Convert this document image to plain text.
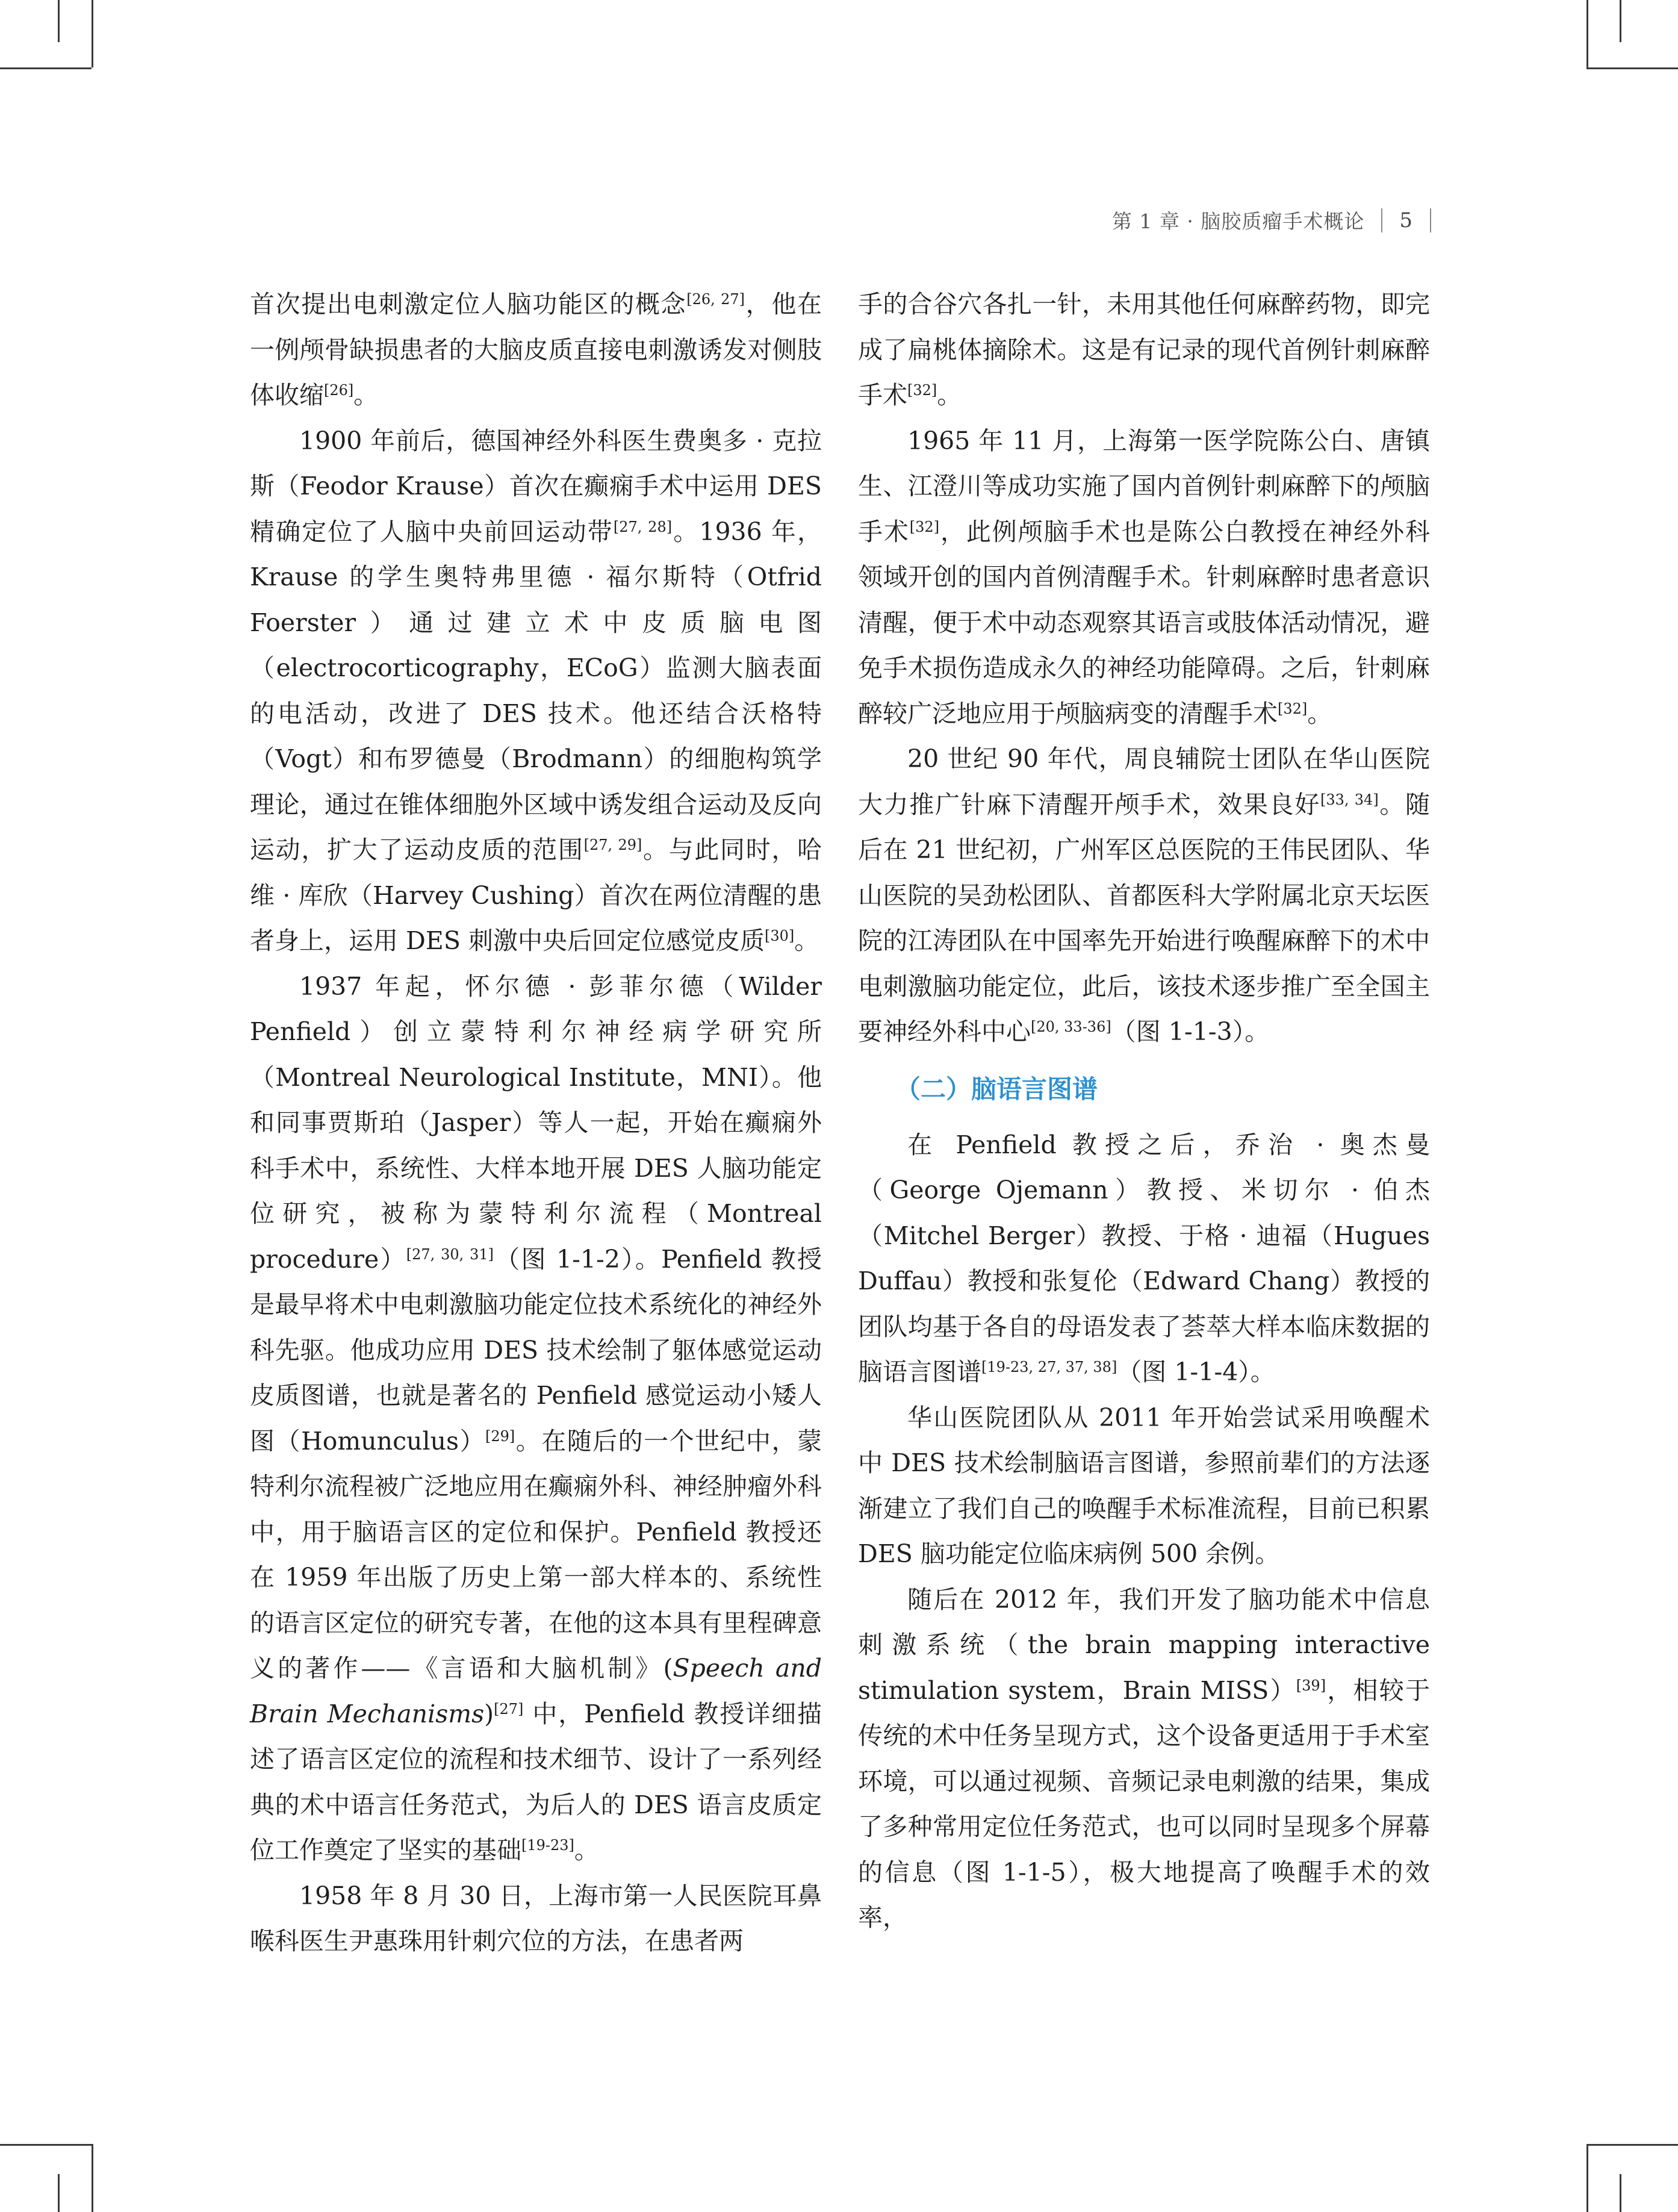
第 1 章 · 脑胶质瘤手术概论 5

首次提出电刺激定位人脑功能区的概念[26, 27]，他在一例颅骨缺损患者的大脑皮质直接电刺激诱发对侧肢体收缩[26]。

1900 年前后，德国神经外科医生费奥多 · 克拉斯（Feodor Krause）首次在癫痫手术中运用 DES 精确定位了人脑中央前回运动带[27, 28]。1936 年，Krause 的学生奥特弗里德 · 福尔斯特（Otfrid Foerster）通过建立术中皮质脑电图（electrocorticography，ECoG）监测大脑表面的电活动，改进了 DES 技术。他还结合沃格特（Vogt）和布罗德曼（Brodmann）的细胞构筑学理论，通过在锥体细胞外区域中诱发组合运动及反向运动，扩大了运动皮质的范围[27, 29]。与此同时，哈维 · 库欣（Harvey Cushing）首次在两位清醒的患者身上，运用 DES 刺激中央后回定位感觉皮质[30]。

1937 年起，怀尔德 · 彭菲尔德（Wilder Penfield）创立蒙特利尔神经病学研究所（Montreal Neurological Institute，MNI）。他和同事贾斯珀（Jasper）等人一起，开始在癫痫外科手术中，系统性、大样本地开展 DES 人脑功能定位研究，被称为蒙特利尔流程（Montreal procedure）[27, 30, 31]（图 1-1-2）。Penfield 教授是最早将术中电刺激脑功能定位技术系统化的神经外科先驱。他成功应用 DES 技术绘制了躯体感觉运动皮质图谱，也就是著名的 Penfield 感觉运动小矮人图（Homunculus）[29]。在随后的一个世纪中，蒙特利尔流程被广泛地应用在癫痫外科、神经肿瘤外科中，用于脑语言区的定位和保护。Penfield 教授还在 1959 年出版了历史上第一部大样本的、系统性的语言区定位的研究专著，在他的这本具有里程碑意义的著作——《言语和大脑机制》(Speech and Brain Mechanisms)[27] 中，Penfield 教授详细描述了语言区定位的流程和技术细节、设计了一系列经典的术中语言任务范式，为后人的 DES 语言皮质定位工作奠定了坚实的基础[19-23]。

1958 年 8 月 30 日，上海市第一人民医院耳鼻喉科医生尹惠珠用针刺穴位的方法，在患者两

手的合谷穴各扎一针，未用其他任何麻醉药物，即完成了扁桃体摘除术。这是有记录的现代首例针刺麻醉手术[32]。

1965 年 11 月，上海第一医学院陈公白、唐镇生、江澄川等成功实施了国内首例针刺麻醉下的颅脑手术[32]，此例颅脑手术也是陈公白教授在神经外科领域开创的国内首例清醒手术。针刺麻醉时患者意识清醒，便于术中动态观察其语言或肢体活动情况，避免手术损伤造成永久的神经功能障碍。之后，针刺麻醉较广泛地应用于颅脑病变的清醒手术[32]。

20 世纪 90 年代，周良辅院士团队在华山医院大力推广针麻下清醒开颅手术，效果良好[33, 34]。随后在 21 世纪初，广州军区总医院的王伟民团队、华山医院的吴劲松团队、首都医科大学附属北京天坛医院的江涛团队在中国率先开始进行唤醒麻醉下的术中电刺激脑功能定位，此后，该技术逐步推广至全国主要神经外科中心[20, 33-36]（图 1-1-3）。

（二）脑语言图谱

在 Penfield 教授之后，乔治 · 奥杰曼（George Ojemann）教授、米切尔 · 伯杰（Mitchel Berger）教授、于格 · 迪福（Hugues Duffau）教授和张复伦（Edward Chang）教授的团队均基于各自的母语发表了荟萃大样本临床数据的脑语言图谱[19-23, 27, 37, 38]（图 1-1-4）。

华山医院团队从 2011 年开始尝试采用唤醒术中 DES 技术绘制脑语言图谱，参照前辈们的方法逐渐建立了我们自己的唤醒手术标准流程，目前已积累 DES 脑功能定位临床病例 500 余例。

随后在 2012 年，我们开发了脑功能术中信息刺激系统（the brain mapping interactive stimulation system，Brain MISS）[39]，相较于传统的术中任务呈现方式，这个设备更适用于手术室环境，可以通过视频、音频记录电刺激的结果，集成了多种常用定位任务范式，也可以同时呈现多个屏幕的信息（图 1-1-5），极大地提高了唤醒手术的效率，
